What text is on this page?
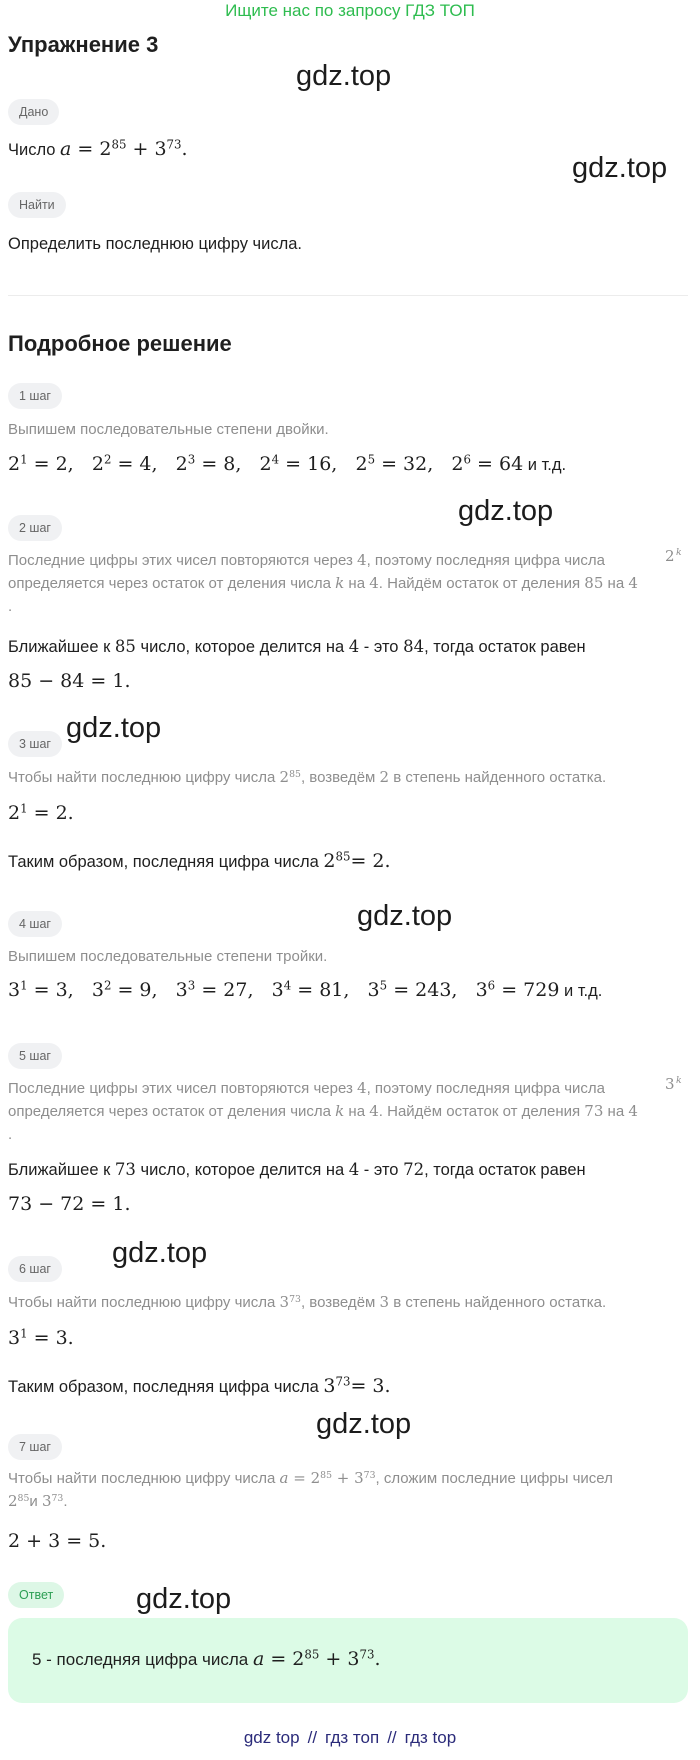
Ищите нас по запросу ГДЗ ТОП
Упражнение 3
gdz.top
Дано
Число $a = 2^{85} + 3^{73}$.
gdz.top
Найти
Определить последнюю цифру числа.
Подробное решение
1 шаг
Выпишем последовательные степени двойки.
$2^1 = 2$,   $2^2 = 4$,   $2^3 = 8$,   $2^4 = 16$,   $2^5 = 32$,   $2^6 = 64$ и т.д.
gdz.top
2 шаг
Последние цифры этих чисел повторяются через 4, поэтому последняя цифра числа	2 k

определяется через остаток от деления числа k на 4. Найдём остаток от деления 85 на 4
.
Ближайшее к 85 число, которое делится на 4 - это 84, тогда остаток равен
85 − 84 = 1.
gdz.top
3 шаг
Чтобы найти последнюю цифру числа $2^{85}$, возведём 2 в степень найденного остатка.
$2^1 = 2$.
Таким образом, последняя цифра числа $2^{85}= 2$.
gdz.top
4 шаг
Выпишем последовательные степени тройки.
$3^1 = 3$,   $3^2 = 9$,   $3^3 = 27$,   $3^4 = 81$,   $3^5 = 243$,   $3^6 = 729$ и т.д.
5 шаг
Последние цифры этих чисел повторяются через 4, поэтому последняя цифра числа	3 k

определяется через остаток от деления числа k на 4. Найдём остаток от деления 73 на 4
.
Ближайшее к 73 число, которое делится на 4 - это 72, тогда остаток равен
73 − 72 = 1.
gdz.top
6 шаг
Чтобы найти последнюю цифру числа $3^{73}$, возведём 3 в степень найденного остатка.
$3^1 = 3$.
Таким образом, последняя цифра числа $3^{73}= 3$.
gdz.top
7 шаг
Чтобы найти последнюю цифру числа $a = 2^{85} + 3^{73}$, сложим последние цифры чисел
$2^{85}и$ $3^{73}$.
2 + 3 = 5.
gdz.top
Ответ
5 - последняя цифра числа $a = 2^{85} + 3^{73}$.
gdz top // гдз топ // гдз top
